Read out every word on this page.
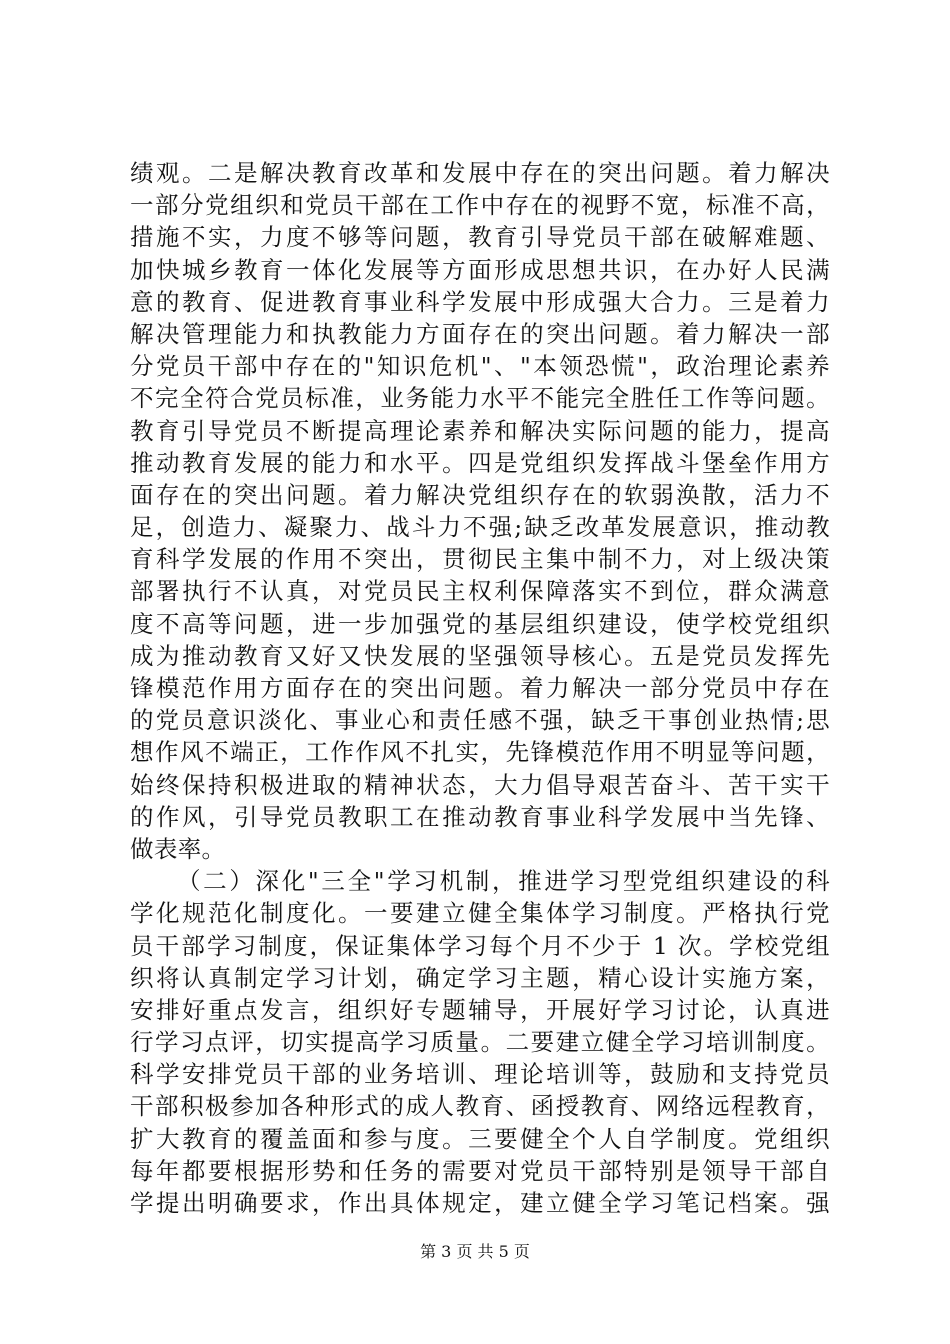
绩观。二是解决教育改革和发展中存在的突出问题。着力解决
一部分党组织和党员干部在工作中存在的视野不宽，标准不高，
措施不实，力度不够等问题，教育引导党员干部在破解难题、
加快城乡教育一体化发展等方面形成思想共识，在办好人民满
意的教育、促进教育事业科学发展中形成强大合力。三是着力
解决管理能力和执教能力方面存在的突出问题。着力解决一部
分党员干部中存在的"知识危机"、"本领恐慌"，政治理论素养
不完全符合党员标准，业务能力水平不能完全胜任工作等问题。
教育引导党员不断提高理论素养和解决实际问题的能力，提高
推动教育发展的能力和水平。四是党组织发挥战斗堡垒作用方
面存在的突出问题。着力解决党组织存在的软弱涣散，活力不
足，创造力、凝聚力、战斗力不强;缺乏改革发展意识，推动教
育科学发展的作用不突出，贯彻民主集中制不力，对上级决策
部署执行不认真，对党员民主权利保障落实不到位，群众满意
度不高等问题，进一步加强党的基层组织建设，使学校党组织
成为推动教育又好又快发展的坚强领导核心。五是党员发挥先
锋模范作用方面存在的突出问题。着力解决一部分党员中存在
的党员意识淡化、事业心和责任感不强，缺乏干事创业热情;思
想作风不端正，工作作风不扎实，先锋模范作用不明显等问题，
始终保持积极进取的精神状态，大力倡导艰苦奋斗、苦干实干
的作风，引导党员教职工在推动教育事业科学发展中当先锋、
做表率。
（二）深化"三全"学习机制，推进学习型党组织建设的科
学化规范化制度化。一要建立健全集体学习制度。严格执行党
员干部学习制度，保证集体学习每个月不少于 1 次。学校党组
织将认真制定学习计划，确定学习主题，精心设计实施方案，
安排好重点发言，组织好专题辅导，开展好学习讨论，认真进
行学习点评，切实提高学习质量。二要建立健全学习培训制度。
科学安排党员干部的业务培训、理论培训等，鼓励和支持党员
干部积极参加各种形式的成人教育、函授教育、网络远程教育，
扩大教育的覆盖面和参与度。三要健全个人自学制度。党组织
每年都要根据形势和任务的需要对党员干部特别是领导干部自
学提出明确要求，作出具体规定，建立健全学习笔记档案。强
第 3 页 共 5 页
